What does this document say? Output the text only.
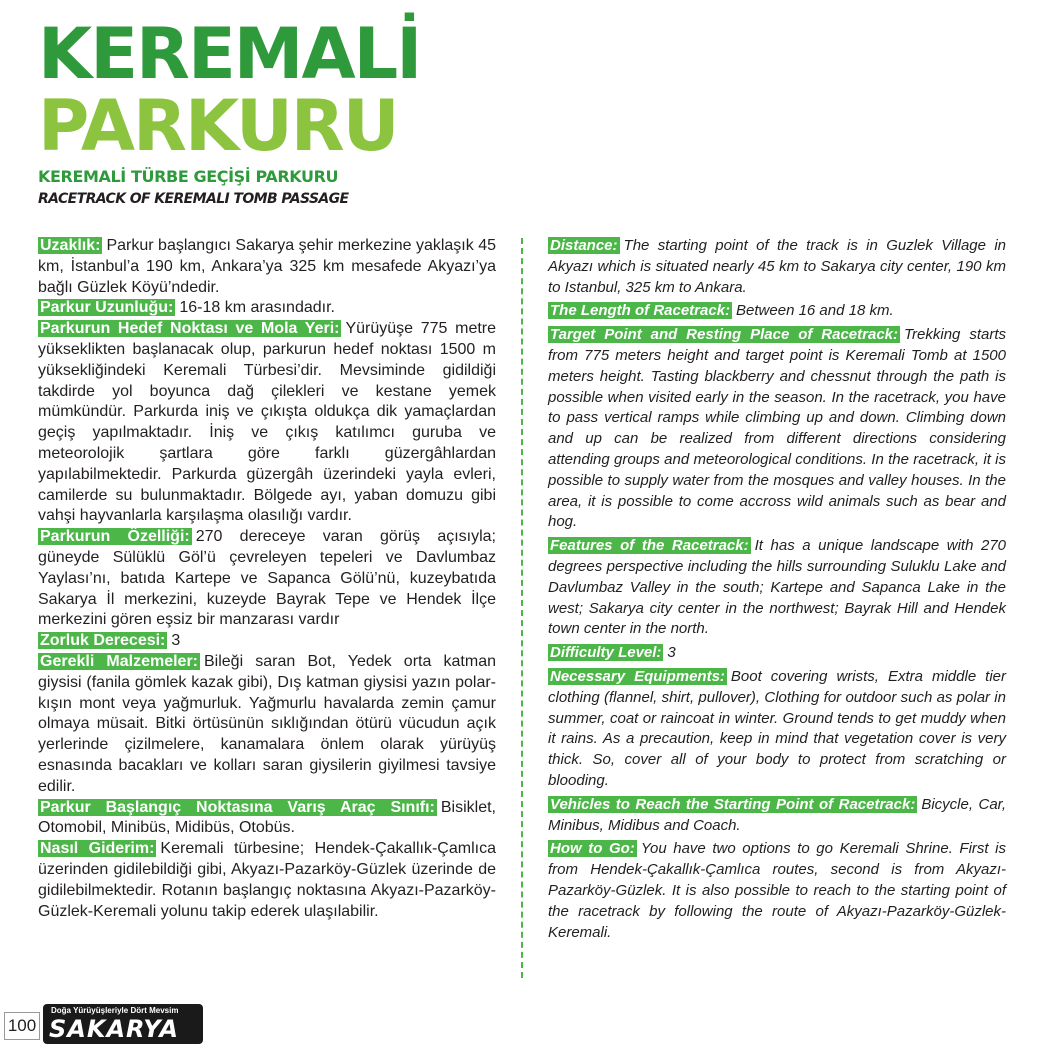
KEREMALİ
PARKURU
KEREMALİ TÜRBE GEÇİŞİ PARKURU
RACETRACK OF KEREMALI TOMB PASSAGE

Uzaklık: Parkur başlangıcı Sakarya şehir merkezine yaklaşık 45 km, İstanbul’a 190 km, Ankara’ya 325 km mesafede Akyazı’ya bağlı Güzlek Köyü’ndedir.

Parkur Uzunluğu: 16-18 km arasındadır.

Parkurun Hedef Noktası ve Mola Yeri: Yürüyüşe 775 metre yükseklikten başlanacak olup, parkurun hedef noktası 1500 m yüksekliğindeki Keremali Türbesi’dir. Mevsiminde gidildiği takdirde yol boyunca dağ çilekleri ve kestane yemek mümkündür. Parkurda iniş ve çıkışta oldukça dik yamaçlardan geçiş yapılmaktadır. İniş ve çıkış katılımcı guruba ve meteorolojik şartlara göre farklı güzergâhlardan yapılabilmektedir. Parkurda güzergâh üzerindeki yayla evleri, camilerde su bulunmaktadır. Bölgede ayı, yaban domuzu gibi vahşi hayvanlarla karşılaşma olasılığı vardır.

Parkurun Özelliği: 270 dereceye varan görüş açısıyla; güneyde Sülüklü Göl’ü çevreleyen tepeleri ve Davlumbaz Yaylası’nı, batıda Kartepe ve Sapanca Gölü’nü, kuzeybatıda Sakarya İl merkezini, kuzeyde Bayrak Tepe ve Hendek İlçe merkezini gören eşsiz bir manzarası vardır

Zorluk Derecesi: 3

Gerekli Malzemeler: Bileği saran Bot, Yedek orta katman giysisi (fanila gömlek kazak gibi), Dış katman giysisi yazın polar-kışın mont veya yağmurluk. Yağmurlu havalarda zemin çamur olmaya müsait. Bitki örtüsünün sıklığından ötürü vücudun açık yerlerinde çizilmelere, kanamalara önlem olarak yürüyüş esnasında bacakları ve kolları saran giysilerin giyilmesi tavsiye edilir.

Parkur Başlangıç Noktasına Varış Araç Sınıfı: Bisiklet, Otomobil, Minibüs, Midibüs, Otobüs.

Nasıl Giderim: Keremali türbesine; Hendek-Çakallık-Çamlıca üzerinden gidilebildiği gibi, Akyazı-Pazarköy-Güzlek üzerinde de gidilebilmektedir. Rotanın başlangıç noktasına Akyazı-Pazarköy-Güzlek-Keremali yolunu takip ederek ulaşılabilir.

Distance: The starting point of the track is in Guzlek Village in Akyazı which is situated nearly 45 km to Sakarya city center, 190 km to Istanbul, 325 km to Ankara.

The Length of Racetrack: Between 16 and 18 km.

Target Point and Resting Place of Racetrack: Trekking starts from 775 meters height and target point is Keremali Tomb at 1500 meters height. Tasting blackberry and chessnut through the path is possible when visited early in the season. In the racetrack, you have to pass vertical ramps while climbing up and down. Climbing down and up can be realized from different directions considering attending groups and meteorological conditions. In the racetrack, it is possible to supply water from the mosques and valley houses. In the area, it is possible to come accross wild animals such as bear and hog.

Features of the Racetrack: It has a unique landscape with 270 degrees perspective including the hills surrounding Suluklu Lake and Davlumbaz Valley in the south; Kartepe and Sapanca Lake in the west; Sakarya city center in the northwest; Bayrak Hill and Hendek town center in the north.

Difficulty Level: 3

Necessary Equipments: Boot covering wrists, Extra middle tier clothing (flannel, shirt, pullover), Clothing for outdoor such as polar in summer, coat or raincoat in winter. Ground tends to get muddy when it rains. As a precaution, keep in mind that vegetation cover is very thick. So, cover all of your body to protect from scratching or blooding.

Vehicles to Reach the Starting Point of Racetrack: Bicycle, Car, Minibus, Midibus and Coach.

How to Go: You have two options to go Keremali Shrine. First is from Hendek-Çakallık-Çamlıca routes, second is from Akyazı-Pazarköy-Güzlek. It is also possible to reach to the starting point of the racetrack by following the route of Akyazı-Pazarköy-Güzlek-Keremali.

100
Doğa Yürüyüşleriyle Dört Mevsim
SAKARYA
